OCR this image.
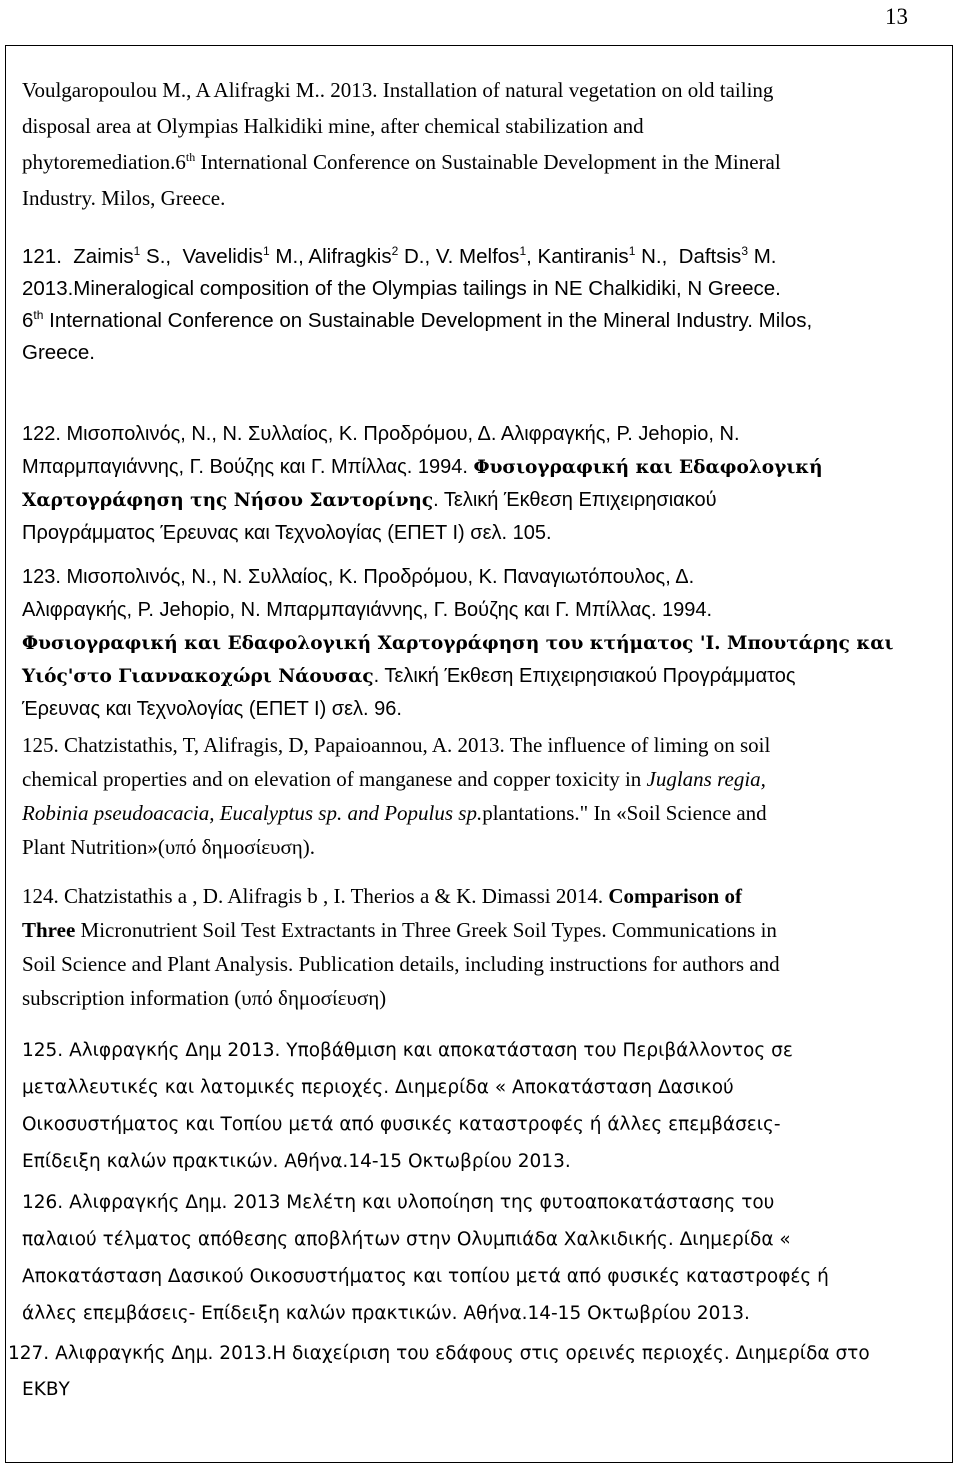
13
Voulgaropoulou M., A Alifragki M.. 2013. Installation of natural vegetation on old tailing
disposal area at Olympias Halkidiki mine, after chemical stabilization and
phytoremediation.6th International Conference on Sustainable Development in the Mineral
Industry. Milos, Greece.
121.  Zaimis$^1$ S.,  Vavelidis$^1$ M., Alifragkis$^2$ D., V. Melfos$^1$, Kantiranis$^1$ N.,  Daftsis$^3$ M.
2013.Mineralogical composition of the Olympias tailings in NE Chalkidiki, N Greece.
6th International Conference on Sustainable Development in the Mineral Industry. Milos,
Greece.
122. Μισοπολινός, Ν., Ν. Συλλαίος, Κ. Προδρόμου, Δ. Αλιφραγκής, Ρ. Jehopio, Ν.
Μπαρμπαγιάννης, Γ. Βούζης και Γ. Μπίλλας. 1994. Φυσιογραφική και Εδαφολογική
Χαρτογράφηση της Νήσου Σαντορίνης. Τελική Έκθεση Επιχειρησιακού
Προγράμματος Έρευνας και Τεχνολογίας (ΕΠΕΤ Ι) σελ. 105.
123. Μισοπολινός, Ν., Ν. Συλλαίος, Κ. Προδρόμου, Κ. Παναγιωτόπουλος, Δ.
Αλιφραγκής, Ρ. Jehopio, Ν. Μπαρμπαγιάννης, Γ. Βούζης και Γ. Μπίλλας. 1994.
Φυσιογραφική και Εδαφολογική Χαρτογράφηση του κτήματος 'Ι. Μπουτάρης και
Υιός'στο Γιαννακοχώρι Νάουσας. Τελική Έκθεση Επιχειρησιακού Προγράμματος
Έρευνας και Τεχνολογίας (ΕΠΕΤ Ι) σελ. 96.
125. Chatzistathis, T, Alifragis, D, Papaioannou, A. 2013. The influence of liming on soil
chemical properties and on elevation of manganese and copper toxicity in Juglans regia,
Robinia pseudoacacia, Eucalyptus sp. and Populus sp.plantations." In «Soil Science and
Plant Nutrition»(υπό δημοσίευση).
124. Chatzistathis a , D. Alifragis b , I. Therios a & K. Dimassi 2014. Comparison of
Three Micronutrient Soil Test Extractants in Three Greek Soil Types. Communications in
Soil Science and Plant Analysis. Publication details, including instructions for authors and
subscription information (υπό δημοσίευση)
125. Αλιφραγκής Δημ 2013. Υποβάθμιση και αποκατάσταση του Περιβάλλοντος σε
μεταλλευτικές και λατομικές περιοχές. Διημερίδα « Αποκατάσταση Δασικού
Οικοσυστήματος και Τοπίου μετά από φυσικές καταστροφές ή άλλες επεμβάσεις-
Επίδειξη καλών πρακτικών. Αθήνα.14-15 Οκτωβρίου 2013.
126. Αλιφραγκής Δημ. 2013 Μελέτη και υλοποίηση της φυτοαποκατάστασης του
παλαιού τέλματος απόθεσης αποβλήτων στην Ολυμπιάδα Χαλκιδικής. Διημερίδα «
Αποκατάσταση Δασικού Οικοσυστήματος και τοπίου μετά από φυσικές καταστροφές ή
άλλες επεμβάσεις- Επίδειξη καλών πρακτικών. Αθήνα.14-15 Οκτωβρίου 2013.
127. Αλιφραγκής Δημ. 2013.Η διαχείριση του εδάφους στις ορεινές περιοχές. Διημερίδα στο
ΕΚΒΥ
